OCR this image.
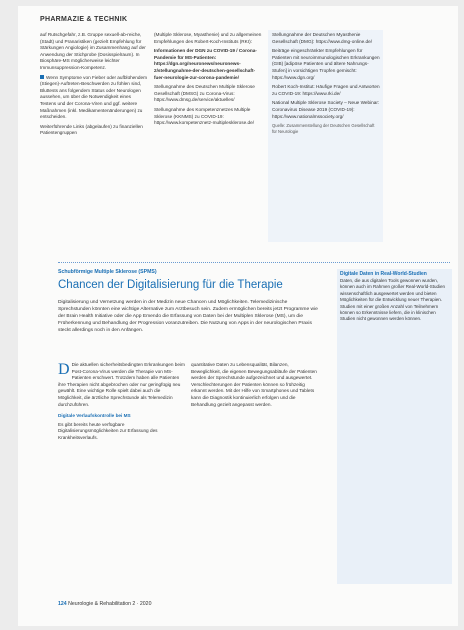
PHARMAZIE & TECHNIK

auf Rutschgefahr, z.B. Gruppe sexuell-ab-reiche, (Stadt) und Pranaristiken (gezielt Empfehlung für Stärkungen Angiologie) im Zusammenhang auf der Anwendung der Stichprobe (Dosisspielraum). In Biosphäre-MS möglicherweise leichter Immunsuppression-Kompetenz.

Wenn Symptome von Fieber oder aufblühendem (Stiegen)-Auftreten-Beschwerden zu fühlen sind, Bluttests ans folgendem Status oder Neurologen aussehen, um über die Notwendigkeit eines Testens und der Corona-Viren und ggf. weitere Maßnahmen (inkl. Medikamentenänderungen) zu entscheiden.

Weiterführende Links (abgelaufen) zu finanziellen Patientengruppen

(Multiple Sklerose, Myasthenie) und zu allgemeinen Empfehlungen des Robert-Koch-Instituts (RKI):

Informationen der DGN zu COVID-19 / Corona-Pandemie für MS-Patienten: https://dgn.org/neuronews/neuronews-2/stellungnahme-der-deutschen-gesellschaft-fuer-neurologie-zur-corona-pandemie/

Stellungnahme des Deutschen Multiple Sklerose Gesellschaft (DMSG) zu Corona-Virus: https://www.dmsg.de/service/aktuelles/

Stellungnahme des Kompetenznetzes Multiple Sklerose (KKNMS) zu COVID-19: https://www.kompetenznetz-multiplesklerose.de/

Stellungnahme der Deutschen Myasthenie Gesellschaft (DMG): https://www.dmg-online.de/

Beiträge eingeschränkter Empfehlungen für Patienten mit neuroimmunologischen Erkrankungen (GIB) [adipöse Patienten und ältere Nahrungs-Stufen] in vorsichtigen Tropfen gemischt: https://www.dgn.org/

Robert Koch-Institut: Häufige Fragen und Antworten zu COVID-19: https://www.rki.de/

National Multiple Sklerose Society – Neue Webinar: Coronavirus Disease 2019 (COVID-19): https://www.nationalmssociety.org/

Quelle: Zusammenstellung der Deutschen Gesellschaft für Neurologie

Schubförmige Multiple Sklerose (SPMS)
Chancen der Digitalisierung für die Therapie
Digitalisierung und Vernetzung werden in der Medizin neue Chancen und Möglichkeiten. Telemedizinische Sprechstunden könnten eine wichtige Alternative zum Arztbesuch sein. Zudem ermöglichen bereits jetzt Programme wie der Brain Health Initiative oder die App Emendo die Erfassung von Daten bei der Multiplen Sklerose (MS), um die Früherkennung und Behandlung der Progression voranzutreiben. Die Nutzung von Apps in der neurologischen Praxis steckt allerdings noch in den Anfängen.

D Die aktuellen sicherheitsbedingten Erkrankungen beim Post-Corona-Virus werden die Therapie von MS-Patienten erschwert. Trotzdem haben alle Patienten ihre Therapien nicht abgebrochen oder nur geringfügig neu gewählt. Eine wichtige Rolle spielt dabei auch die Möglichkeit, die ärztliche Sprechstunde als Telemedizin durchzuführen.

Digitale Verlaufskontrolle bei MS

Es gibt bereits heute verfügbare Digitalisierungsmöglichkeiten zur Erfassung des Krankheitsverlaufs.

quantitative Daten zu Lebensqualität, Bilanzen, Beweglichkeit, die eigenen Bewegungsabläufe der Patienten werden der Sprechstunde aufgezeichnet und ausgewertet. Verschlechterungen der Patienten können so frühzeitig erkannt werden. Mit der Hilfe von Smartphones und Tablets kann die Diagnostik kontinuierlich erfolgen und die Behandlung gezielt angepasst werden.

Digitale Daten in Real-World-Studien
Daten, die aus digitalen Tools gewonnen wurden, können auch im Rahmen großer Real-World-Studien wissenschaftlich ausgewertet werden und bieten Möglichkeiten für die Entwicklung neuer Therapien. Studien mit einer großen Anzahl von Teilnehmern können so Erkenntnisse liefern, die in klinischen Studien nicht gewonnen werden können.
124 Neurologie & Rehabilitation 2 · 2020
